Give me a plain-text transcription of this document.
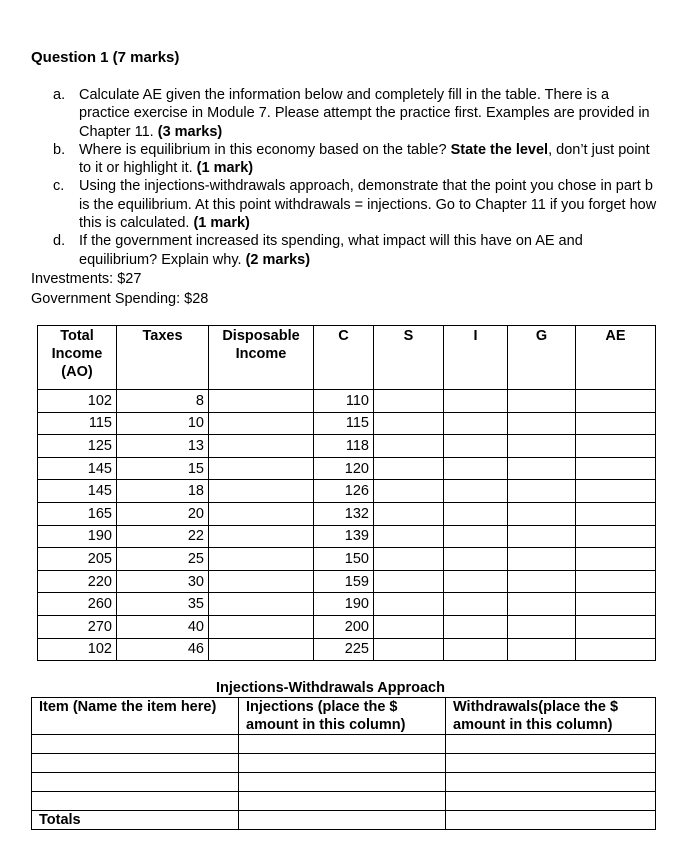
Question 1 (7 marks)
a. Calculate AE given the information below and completely fill in the table. There is a practice exercise in Module 7. Please attempt the practice first. Examples are provided in Chapter 11. (3 marks)
b. Where is equilibrium in this economy based on the table? State the level, don’t just point to it or highlight it. (1 mark)
c. Using the injections-withdrawals approach, demonstrate that the point you chose in part b is the equilibrium. At this point withdrawals = injections. Go to Chapter 11 if you forget how this is calculated. (1 mark)
d. If the government increased its spending, what impact will this have on AE and equilibrium? Explain why. (2 marks)
Investments: $27
Government Spending: $28
Total Income (AO)	Taxes	Disposable Income	C	S	I	G	AE
102	8		110				
115	10		115				
125	13		118				
145	15		120				
145	18		126				
165	20		132				
190	22		139				
205	25		150				
220	30		159				
260	35		190				
270	40		200				
102	46		225				
Injections-Withdrawals Approach
Item (Name the item here)	Injections (place the $ amount in this column)	Withdrawals(place the $ amount in this column)

Totals		
